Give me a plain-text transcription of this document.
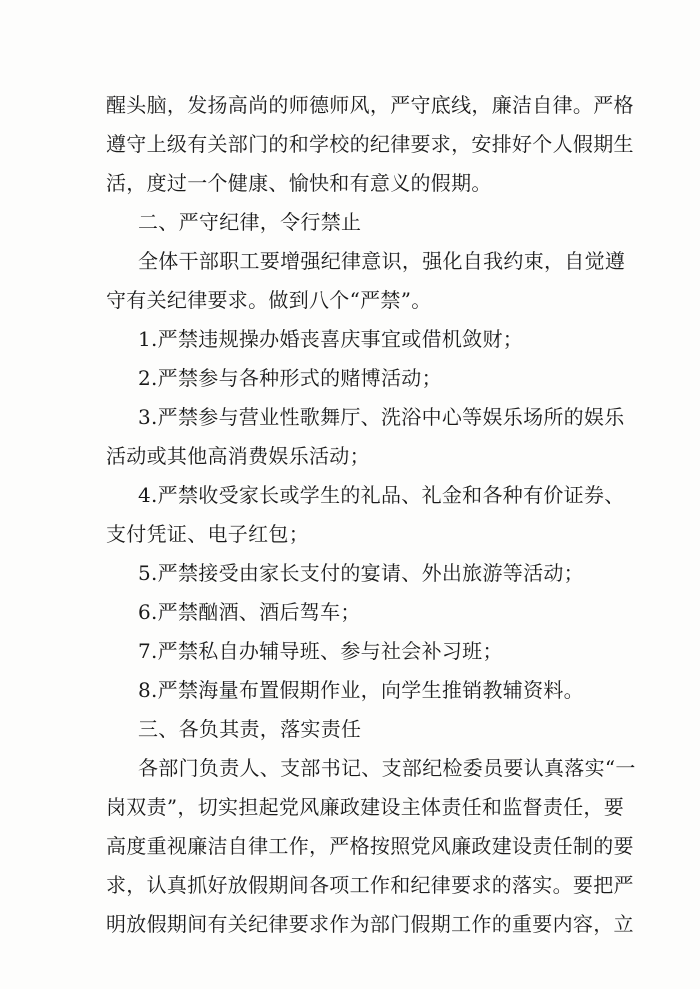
醒头脑，发扬高尚的师德师风，严守底线，廉洁自律。严格
遵守上级有关部门的和学校的纪律要求，安排好个人假期生
活，度过一个健康、愉快和有意义的假期。
二、严守纪律，令行禁止
全体干部职工要增强纪律意识，强化自我约束，自觉遵
守有关纪律要求。做到八个“严禁”。
1.严禁违规操办婚丧喜庆事宜或借机敛财；
2.严禁参与各种形式的赌博活动；
3.严禁参与营业性歌舞厅、洗浴中心等娱乐场所的娱乐
活动或其他高消费娱乐活动；
4.严禁收受家长或学生的礼品、礼金和各种有价证券、
支付凭证、电子红包；
5.严禁接受由家长支付的宴请、外出旅游等活动；
6.严禁酗酒、酒后驾车；
7.严禁私自办辅导班、参与社会补习班；
8.严禁海量布置假期作业，向学生推销教辅资料。
三、各负其责，落实责任
各部门负责人、支部书记、支部纪检委员要认真落实“一
岗双责”，切实担起党风廉政建设主体责任和监督责任，要
高度重视廉洁自律工作，严格按照党风廉政建设责任制的要
求，认真抓好放假期间各项工作和纪律要求的落实。要把严
明放假期间有关纪律要求作为部门假期工作的重要内容，立
